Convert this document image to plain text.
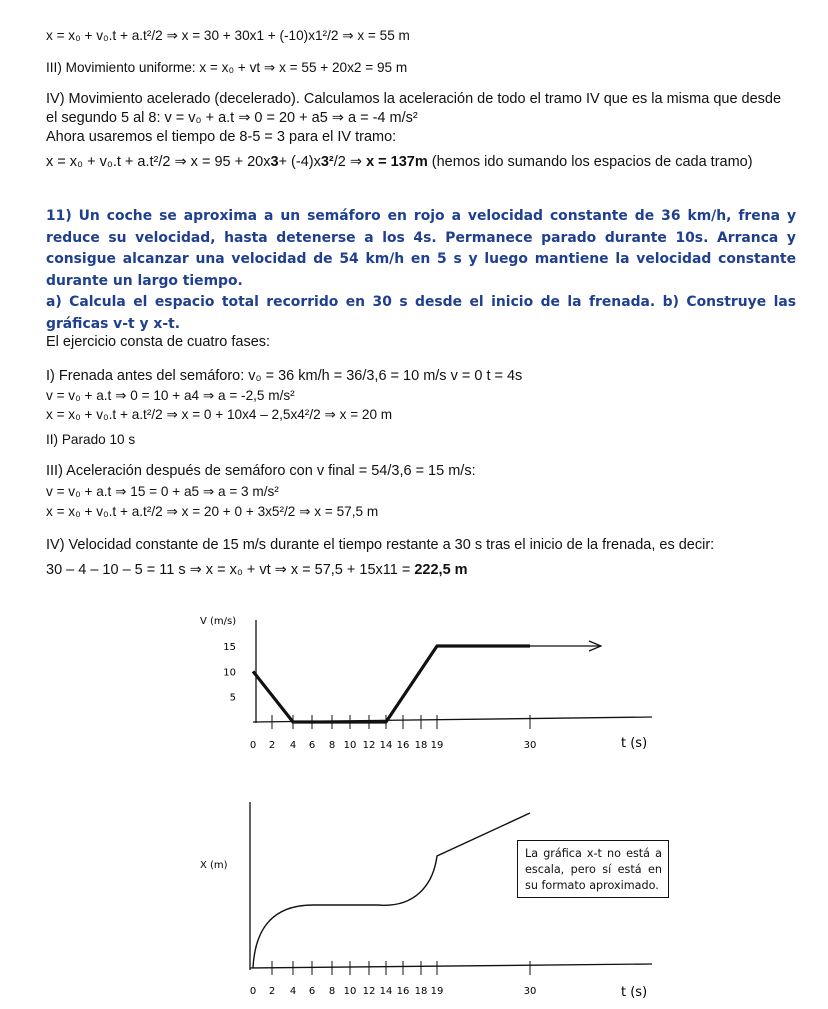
x = x₀ + v₀.t + a.t²/2 ⇒ x = 30 + 30x1 + (-10)x1²/2 ⇒ x = 55 m
III) Movimiento uniforme: x = x₀ + vt ⇒ x = 55 + 20x2 = 95 m
IV) Movimiento acelerado (decelerado). Calculamos la aceleración de todo el tramo IV que es la misma que desde
el segundo 5 al 8: v = v₀ + a.t ⇒ 0 = 20 + a5 ⇒ a = -4 m/s²
Ahora usaremos el tiempo de 8-5 = 3 para el IV tramo:
x = x₀ + v₀.t + a.t²/2 ⇒ x = 95 + 20x3+ (-4)x3²/2 ⇒ x = 137m (hemos ido sumando los espacios de cada tramo)

11) Un coche se aproxima a un semáforo en rojo a velocidad constante de 36 km/h, frena y reduce su velocidad, hasta detenerse a los 4s. Permanece parado durante 10s. Arranca y consigue alcanzar una velocidad de 54 km/h en 5 s y luego mantiene la velocidad constante durante un largo tiempo.

a) Calcula el espacio total recorrido en 30 s desde el inicio de la frenada. b) Construye las gráficas v-t y x-t.

El ejercicio consta de cuatro fases:
I) Frenada antes del semáforo: v₀ = 36 km/h = 36/3,6 = 10 m/s v = 0 t = 4s
v = v₀ + a.t ⇒ 0 = 10 + a4 ⇒ a = -2,5 m/s²
x = x₀ + v₀.t + a.t²/2 ⇒ x = 0 + 10x4 – 2,5x4²/2 ⇒ x = 20 m
II) Parado 10 s
III) Aceleración después de semáforo con v final = 54/3,6 = 15 m/s:
v = v₀ + a.t ⇒ 15 = 0 + a5 ⇒ a = 3 m/s²
x = x₀ + v₀.t + a.t²/2 ⇒ x = 20 + 0 + 3x5²/2 ⇒ x = 57,5 m
IV) Velocidad constante de 15 m/s durante el tiempo restante a 30 s tras el inicio de la frenada, es decir:
30 – 4 – 10 – 5 = 11 s ⇒ x = x₀ + vt ⇒ x = 57,5 + 15x11 = 222,5 m
V (m/s)
t (s)
5
10
15
0 2 4 6 8 10 12 14 16 18 19	30
X (m)
t (s)
0 2 4 6 8 10 12 14 16 18 19	30
La gráfica x-t no está a escala, pero sí está en su formato aproximado.
